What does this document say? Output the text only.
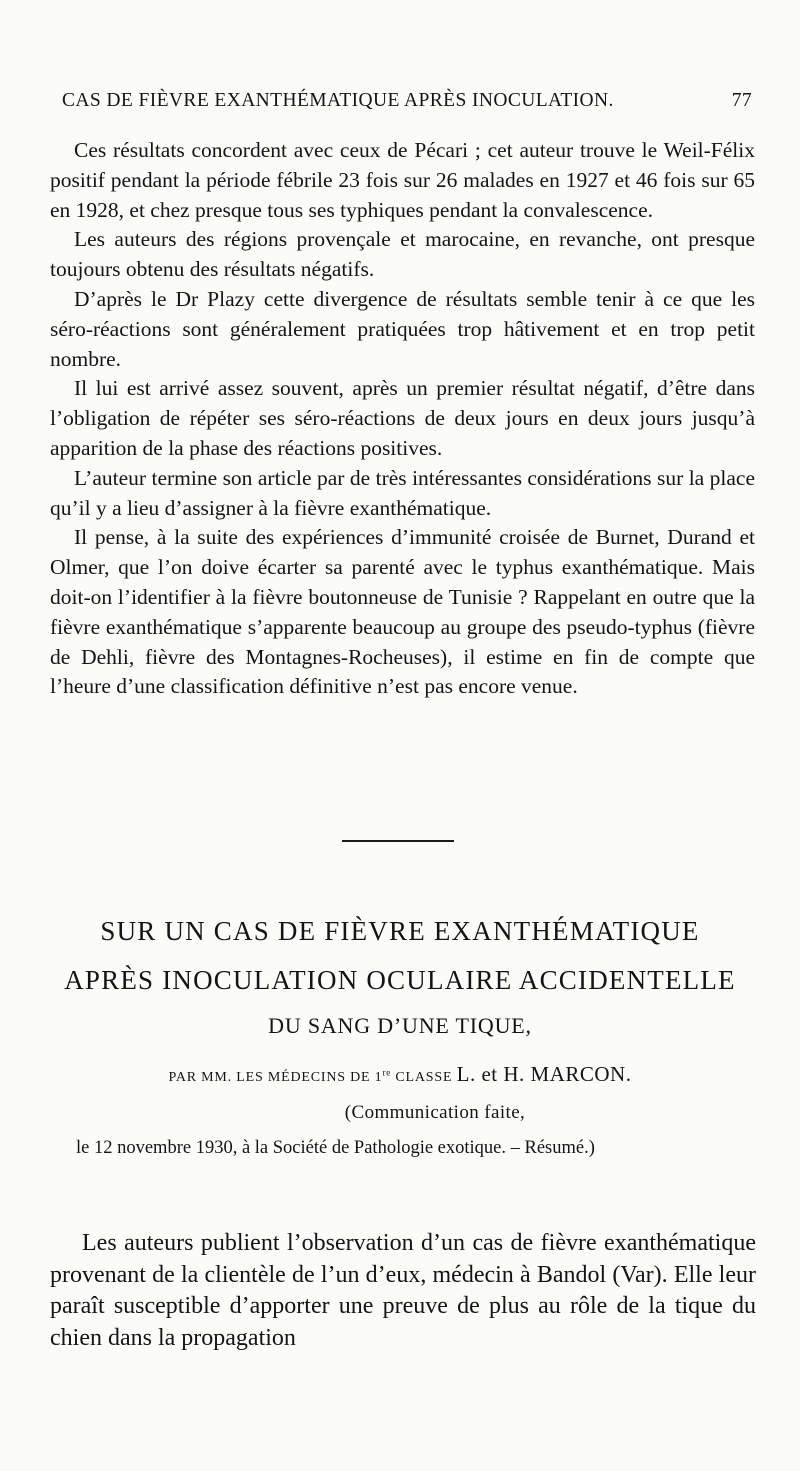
CAS DE FIÈVRE EXANTHÉMATIQUE APRÈS INOCULATION.	77

Ces résultats concordent avec ceux de Pécari ; cet auteur trouve le Weil-Félix positif pendant la période fébrile 23 fois sur 26 malades en 1927 et 46 fois sur 65 en 1928, et chez presque tous ses typhiques pendant la convalescence.

Les auteurs des régions provençale et marocaine, en revanche, ont presque toujours obtenu des résultats négatifs.

D’après le Dr Plazy cette divergence de résultats semble tenir à ce que les séro-réactions sont généralement pratiquées trop hâtivement et en trop petit nombre.

Il lui est arrivé assez souvent, après un premier résultat négatif, d’être dans l’obligation de répéter ses séro-réactions de deux jours en deux jours jusqu’à apparition de la phase des réactions positives.

L’auteur termine son article par de très intéressantes considérations sur la place qu’il y a lieu d’assigner à la fièvre exanthématique.

Il pense, à la suite des expériences d’immunité croisée de Burnet, Durand et Olmer, que l’on doive écarter sa parenté avec le typhus exanthématique. Mais doit-on l’identifier à la fièvre boutonneuse de Tunisie ? Rappelant en outre que la fièvre exanthématique s’apparente beaucoup au groupe des pseudo-typhus (fièvre de Dehli, fièvre des Montagnes-Rocheuses), il estime en fin de compte que l’heure d’une classification définitive n’est pas encore venue.

SUR UN CAS DE FIÈVRE EXANTHÉMATIQUE
APRÈS INOCULATION OCULAIRE ACCIDENTELLE
DU SANG D’UNE TIQUE,
PAR MM. LES MÉDECINS DE 1re CLASSE L. et H. MARCON.
(Communication faite,
le 12 novembre 1930, à la Société de Pathologie exotique. – Résumé.)

Les auteurs publient l’observation d’un cas de fièvre exanthématique provenant de la clientèle de l’un d’eux, médecin à Bandol (Var). Elle leur paraît susceptible d’apporter une preuve de plus au rôle de la tique du chien dans la propagation
